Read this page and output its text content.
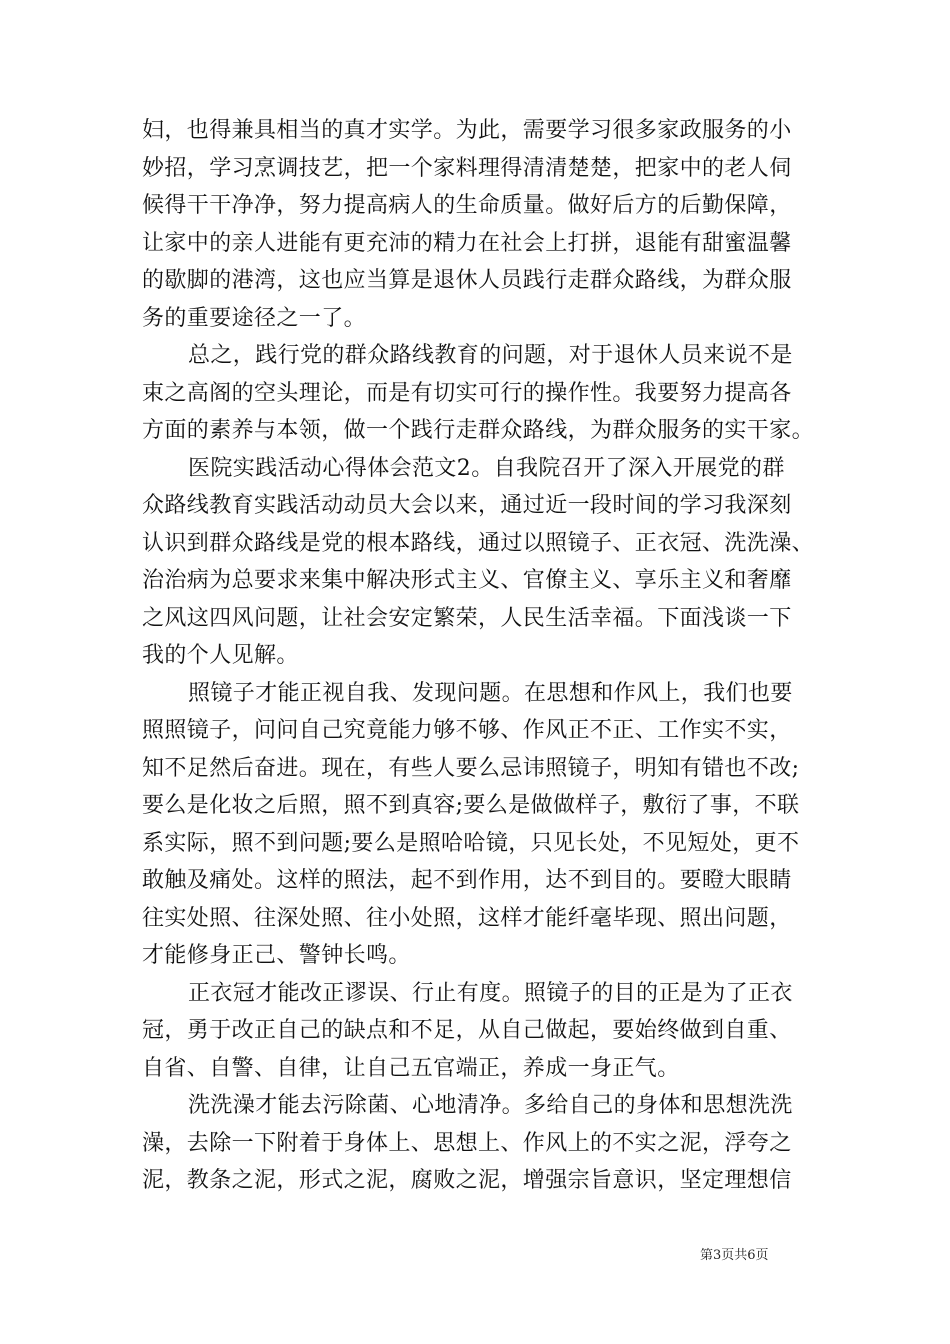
妇，也得兼具相当的真才实学。为此，需要学习很多家政服务的小
妙招，学习烹调技艺，把一个家料理得清清楚楚，把家中的老人伺
候得干干净净，努力提高病人的生命质量。做好后方的后勤保障，
让家中的亲人进能有更充沛的精力在社会上打拼，退能有甜蜜温馨
的歇脚的港湾，这也应当算是退休人员践行走群众路线，为群众服
务的重要途径之一了。
总之，践行党的群众路线教育的问题，对于退休人员来说不是
束之高阁的空头理论，而是有切实可行的操作性。我要努力提高各
方面的素养与本领，做一个践行走群众路线，为群众服务的实干家。
医院实践活动心得体会范文2。自我院召开了深入开展党的群
众路线教育实践活动动员大会以来，通过近一段时间的学习我深刻
认识到群众路线是党的根本路线，通过以照镜子、正衣冠、洗洗澡、
治治病为总要求来集中解决形式主义、官僚主义、享乐主义和奢靡
之风这四风问题，让社会安定繁荣，人民生活幸福。下面浅谈一下
我的个人见解。
照镜子才能正视自我、发现问题。在思想和作风上，我们也要
照照镜子，问问自己究竟能力够不够、作风正不正、工作实不实，
知不足然后奋进。现在，有些人要么忌讳照镜子，明知有错也不改;
要么是化妆之后照，照不到真容;要么是做做样子，敷衍了事，不联
系实际，照不到问题;要么是照哈哈镜，只见长处，不见短处，更不
敢触及痛处。这样的照法，起不到作用，达不到目的。要瞪大眼睛
往实处照、往深处照、往小处照，这样才能纤毫毕现、照出问题，
才能修身正己、警钟长鸣。
正衣冠才能改正谬误、行止有度。照镜子的目的正是为了正衣
冠，勇于改正自己的缺点和不足，从自己做起，要始终做到自重、
自省、自警、自律，让自己五官端正，养成一身正气。
洗洗澡才能去污除菌、心地清净。多给自己的身体和思想洗洗
澡，去除一下附着于身体上、思想上、作风上的不实之泥，浮夸之
泥，教条之泥，形式之泥，腐败之泥，增强宗旨意识，坚定理想信
第3页共6页
